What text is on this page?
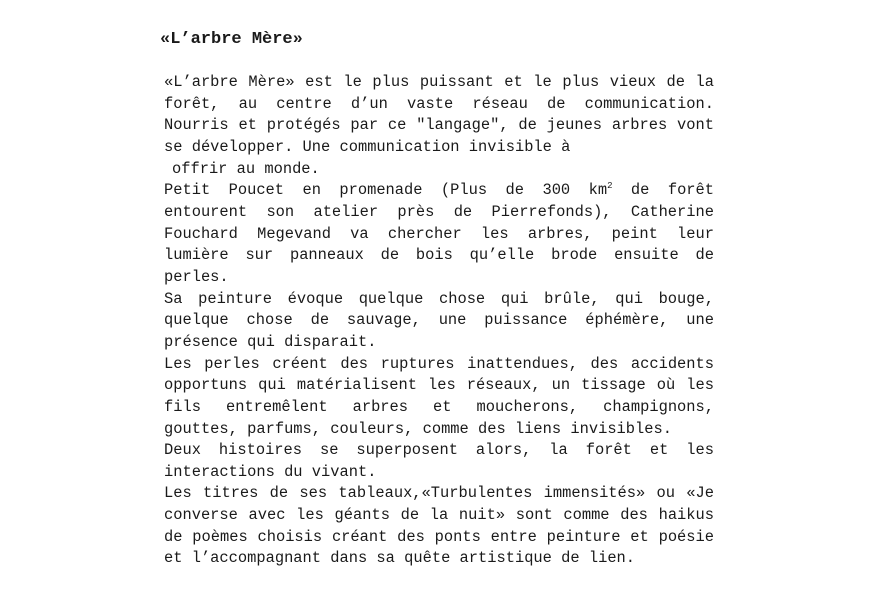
«L’arbre Mère»

«L’arbre Mère» est le plus puissant et le plus vieux de la forêt, au centre d’un vaste réseau de communication. Nourris et protégés par ce "langage", de jeunes arbres vont se développer. Une communication invisible à

offrir au monde.

Petit Poucet en promenade (Plus de 300 $km^2$ de forêt entourent son atelier près de Pierrefonds), Catherine Fouchard Megevand va chercher les arbres, peint leur lumière sur panneaux de bois qu’elle brode ensuite de perles.

Sa peinture évoque quelque chose qui brûle, qui bouge, quelque chose de sauvage, une puissance éphémère, une présence qui disparait.

Les perles créent des ruptures inattendues, des accidents opportuns qui matérialisent les réseaux, un tissage où les fils entremêlent arbres et moucherons, champignons, gouttes, parfums, couleurs, comme des liens invisibles.

Deux histoires se superposent alors, la forêt et les interactions du vivant.

Les titres de ses tableaux,«Turbulentes immensités» ou «Je converse avec les géants de la nuit» sont comme des haikus de poèmes choisis créant des ponts entre peinture et poésie et l’accompagnant dans sa quête artistique de lien.
